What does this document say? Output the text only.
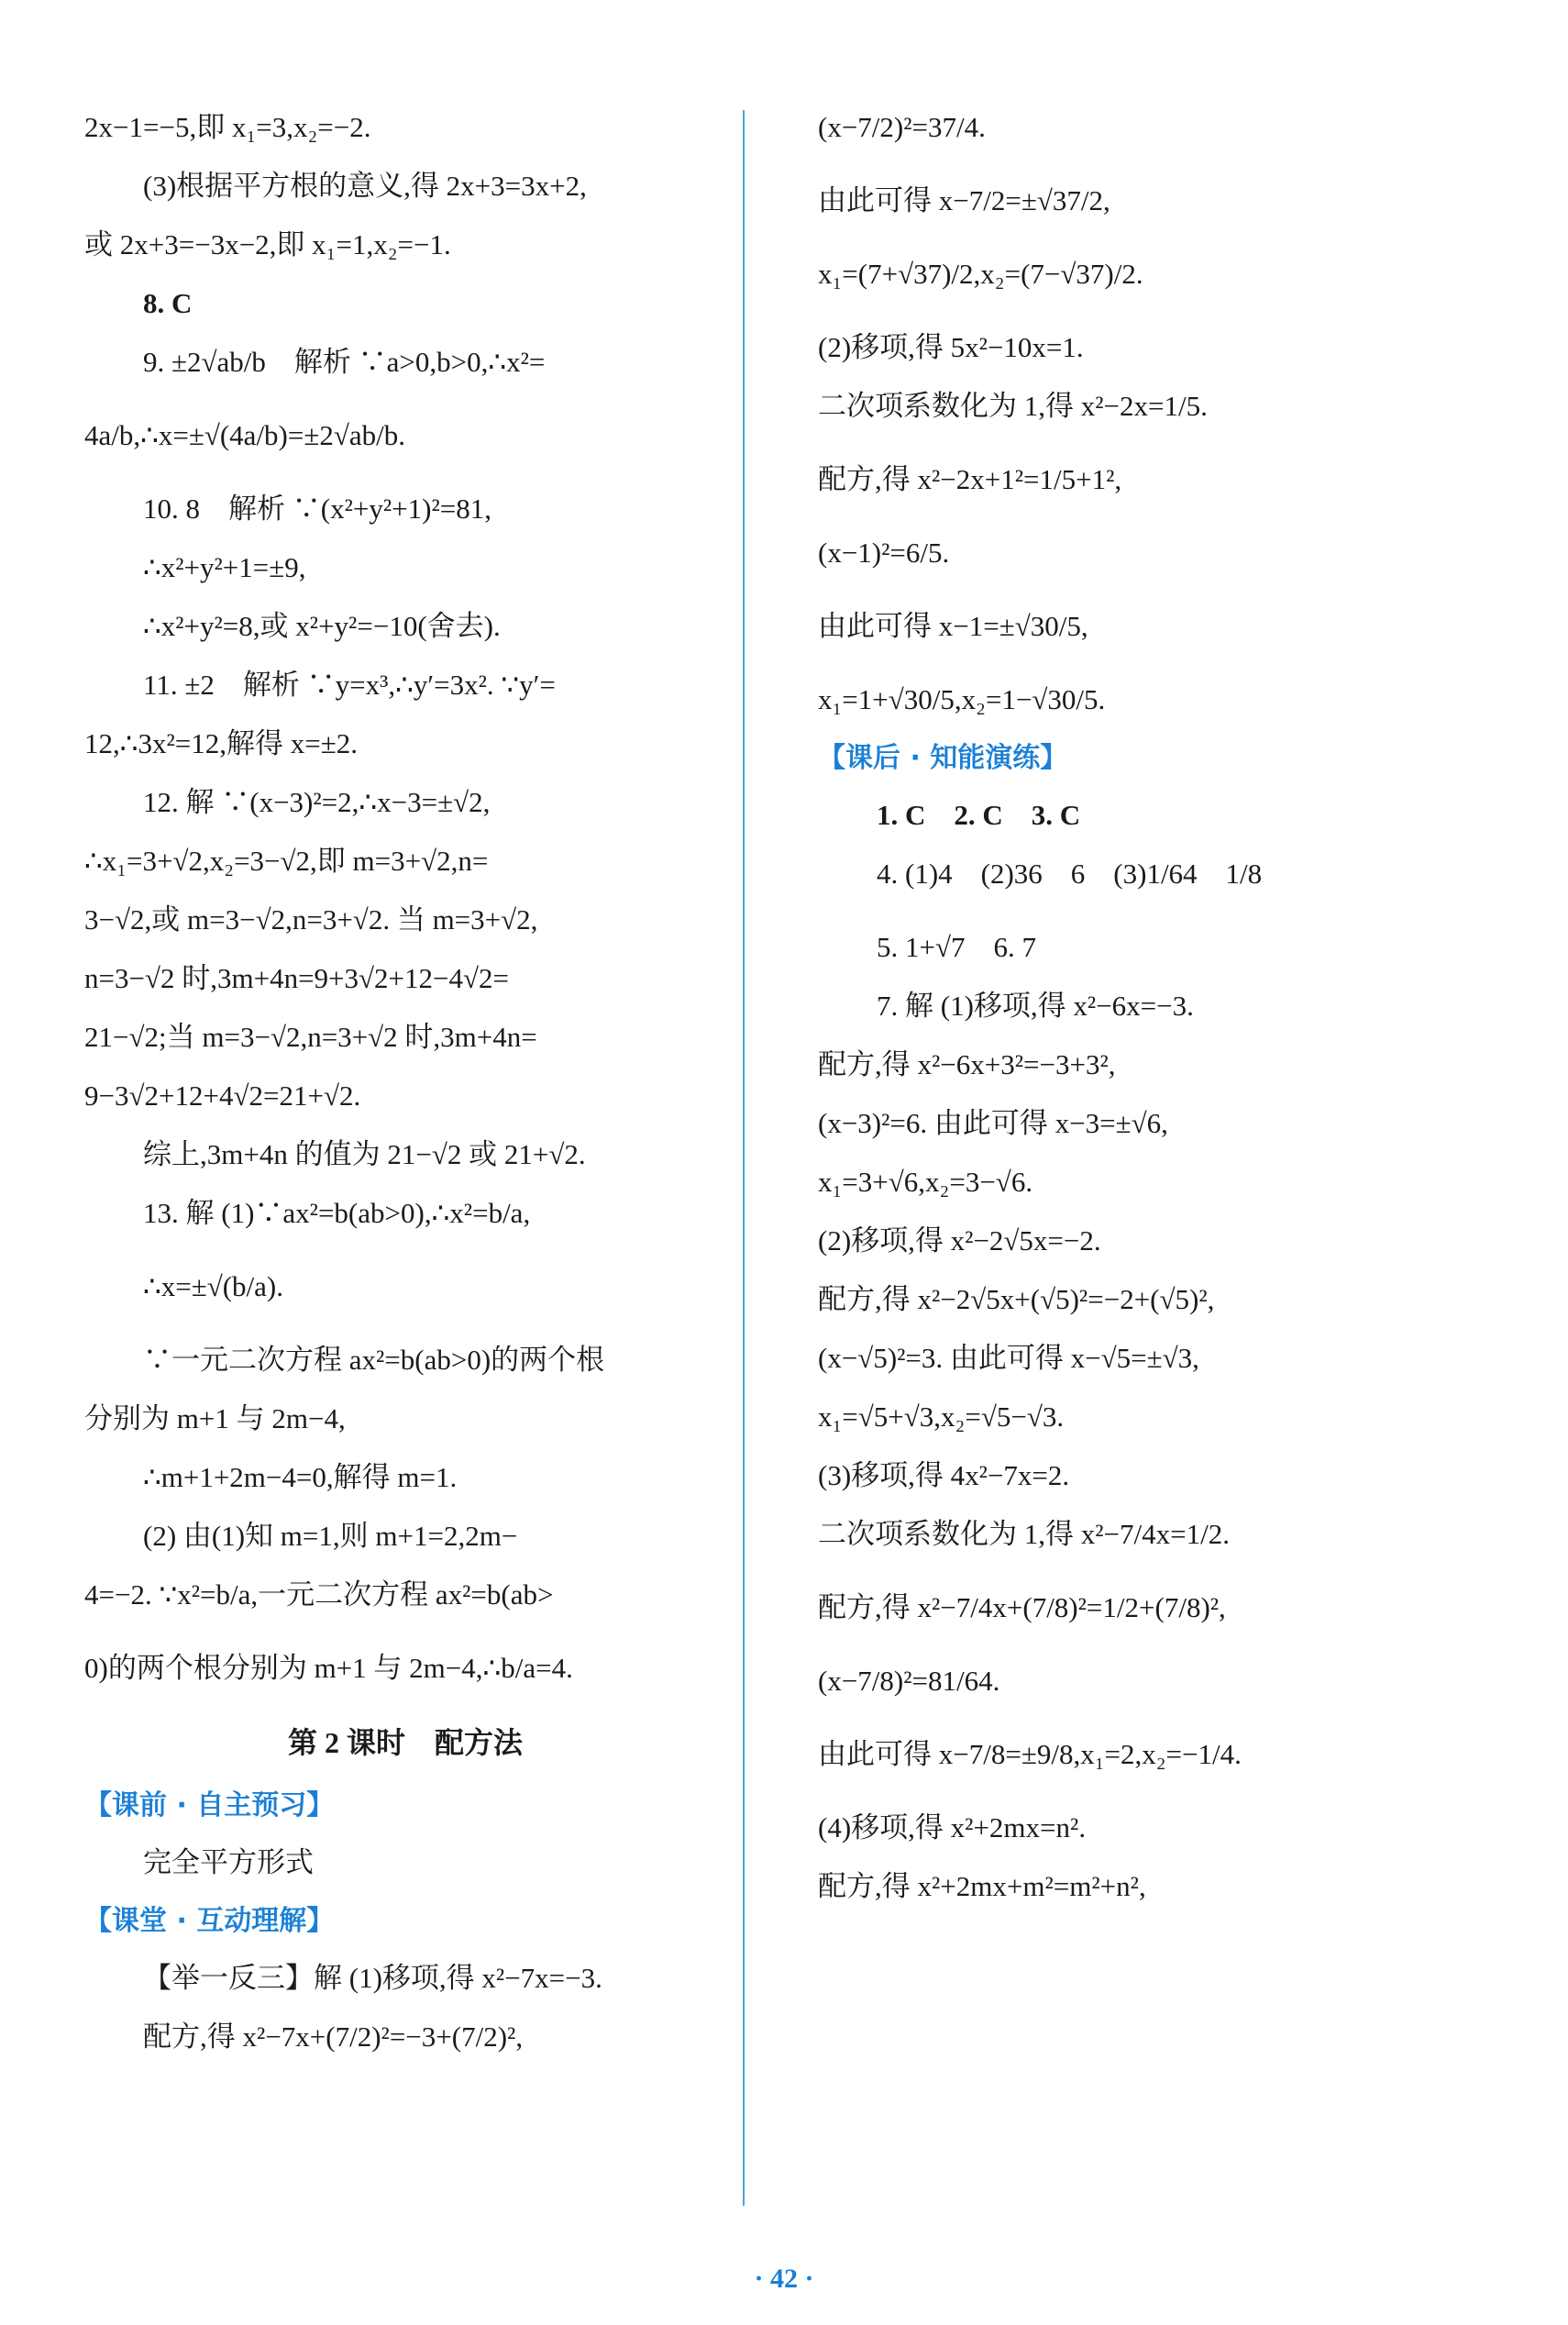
2x−1=−5,即 x₁=3,x₂=−2.
(3)根据平方根的意义,得 2x+3=3x+2,
或 2x+3=−3x−2,即 x₁=1,x₂=−1.
8. C
9. ±2√ab/b　解析 ∵a>0,b>0,∴x²=
4a/b,∴x=±√(4a/b)=±2√ab/b.
10. 8　解析 ∵(x²+y²+1)²=81,
∴x²+y²+1=±9,
∴x²+y²=8,或 x²+y²=−10(舍去).
11. ±2　解析 ∵y=x³,∴y′=3x². ∵y′=
12,∴3x²=12,解得 x=±2.
12. 解 ∵(x−3)²=2,∴x−3=±√2,
∴x₁=3+√2,x₂=3−√2,即 m=3+√2,n=
3−√2,或 m=3−√2,n=3+√2. 当 m=3+√2,
n=3−√2 时,3m+4n=9+3√2+12−4√2=
21−√2;当 m=3−√2,n=3+√2 时,3m+4n=
9−3√2+12+4√2=21+√2.
综上,3m+4n 的值为 21−√2 或 21+√2.
13. 解 (1)∵ax²=b(ab>0),∴x²=b/a,
∴x=±√(b/a).
∵一元二次方程 ax²=b(ab>0)的两个根
分别为 m+1 与 2m−4,
∴m+1+2m−4=0,解得 m=1.
(2) 由(1)知 m=1,则 m+1=2,2m−
4=−2. ∵x²=b/a,一元二次方程 ax²=b(ab>
0)的两个根分别为 m+1 与 2m−4,∴b/a=4.
第 2 课时　配方法
【课前 · 自主预习】
完全平方形式
【课堂 · 互动理解】
【举一反三】解 (1)移项,得 x²−7x=−3.
配方,得 x²−7x+(7/2)²=−3+(7/2)²,
(x−7/2)²=37/4.
由此可得 x−7/2=±√37/2,
x₁=(7+√37)/2,x₂=(7−√37)/2.
(2)移项,得 5x²−10x=1.
二次项系数化为 1,得 x²−2x=1/5.
配方,得 x²−2x+1²=1/5+1²,
(x−1)²=6/5.
由此可得 x−1=±√30/5,
x₁=1+√30/5,x₂=1−√30/5.
【课后 · 知能演练】
1. C　2. C　3. C
4. (1)4　(2)36　6　(3)1/64　1/8
5. 1+√7　6. 7
7. 解 (1)移项,得 x²−6x=−3.
配方,得 x²−6x+3²=−3+3²,
(x−3)²=6. 由此可得 x−3=±√6,
x₁=3+√6,x₂=3−√6.
(2)移项,得 x²−2√5x=−2.
配方,得 x²−2√5x+(√5)²=−2+(√5)²,
(x−√5)²=3. 由此可得 x−√5=±√3,
x₁=√5+√3,x₂=√5−√3.
(3)移项,得 4x²−7x=2.
二次项系数化为 1,得 x²−7/4x=1/2.
配方,得 x²−7/4x+(7/8)²=1/2+(7/8)²,
(x−7/8)²=81/64.
由此可得 x−7/8=±9/8,x₁=2,x₂=−1/4.
(4)移项,得 x²+2mx=n².
配方,得 x²+2mx+m²=m²+n²,
· 42 ·
